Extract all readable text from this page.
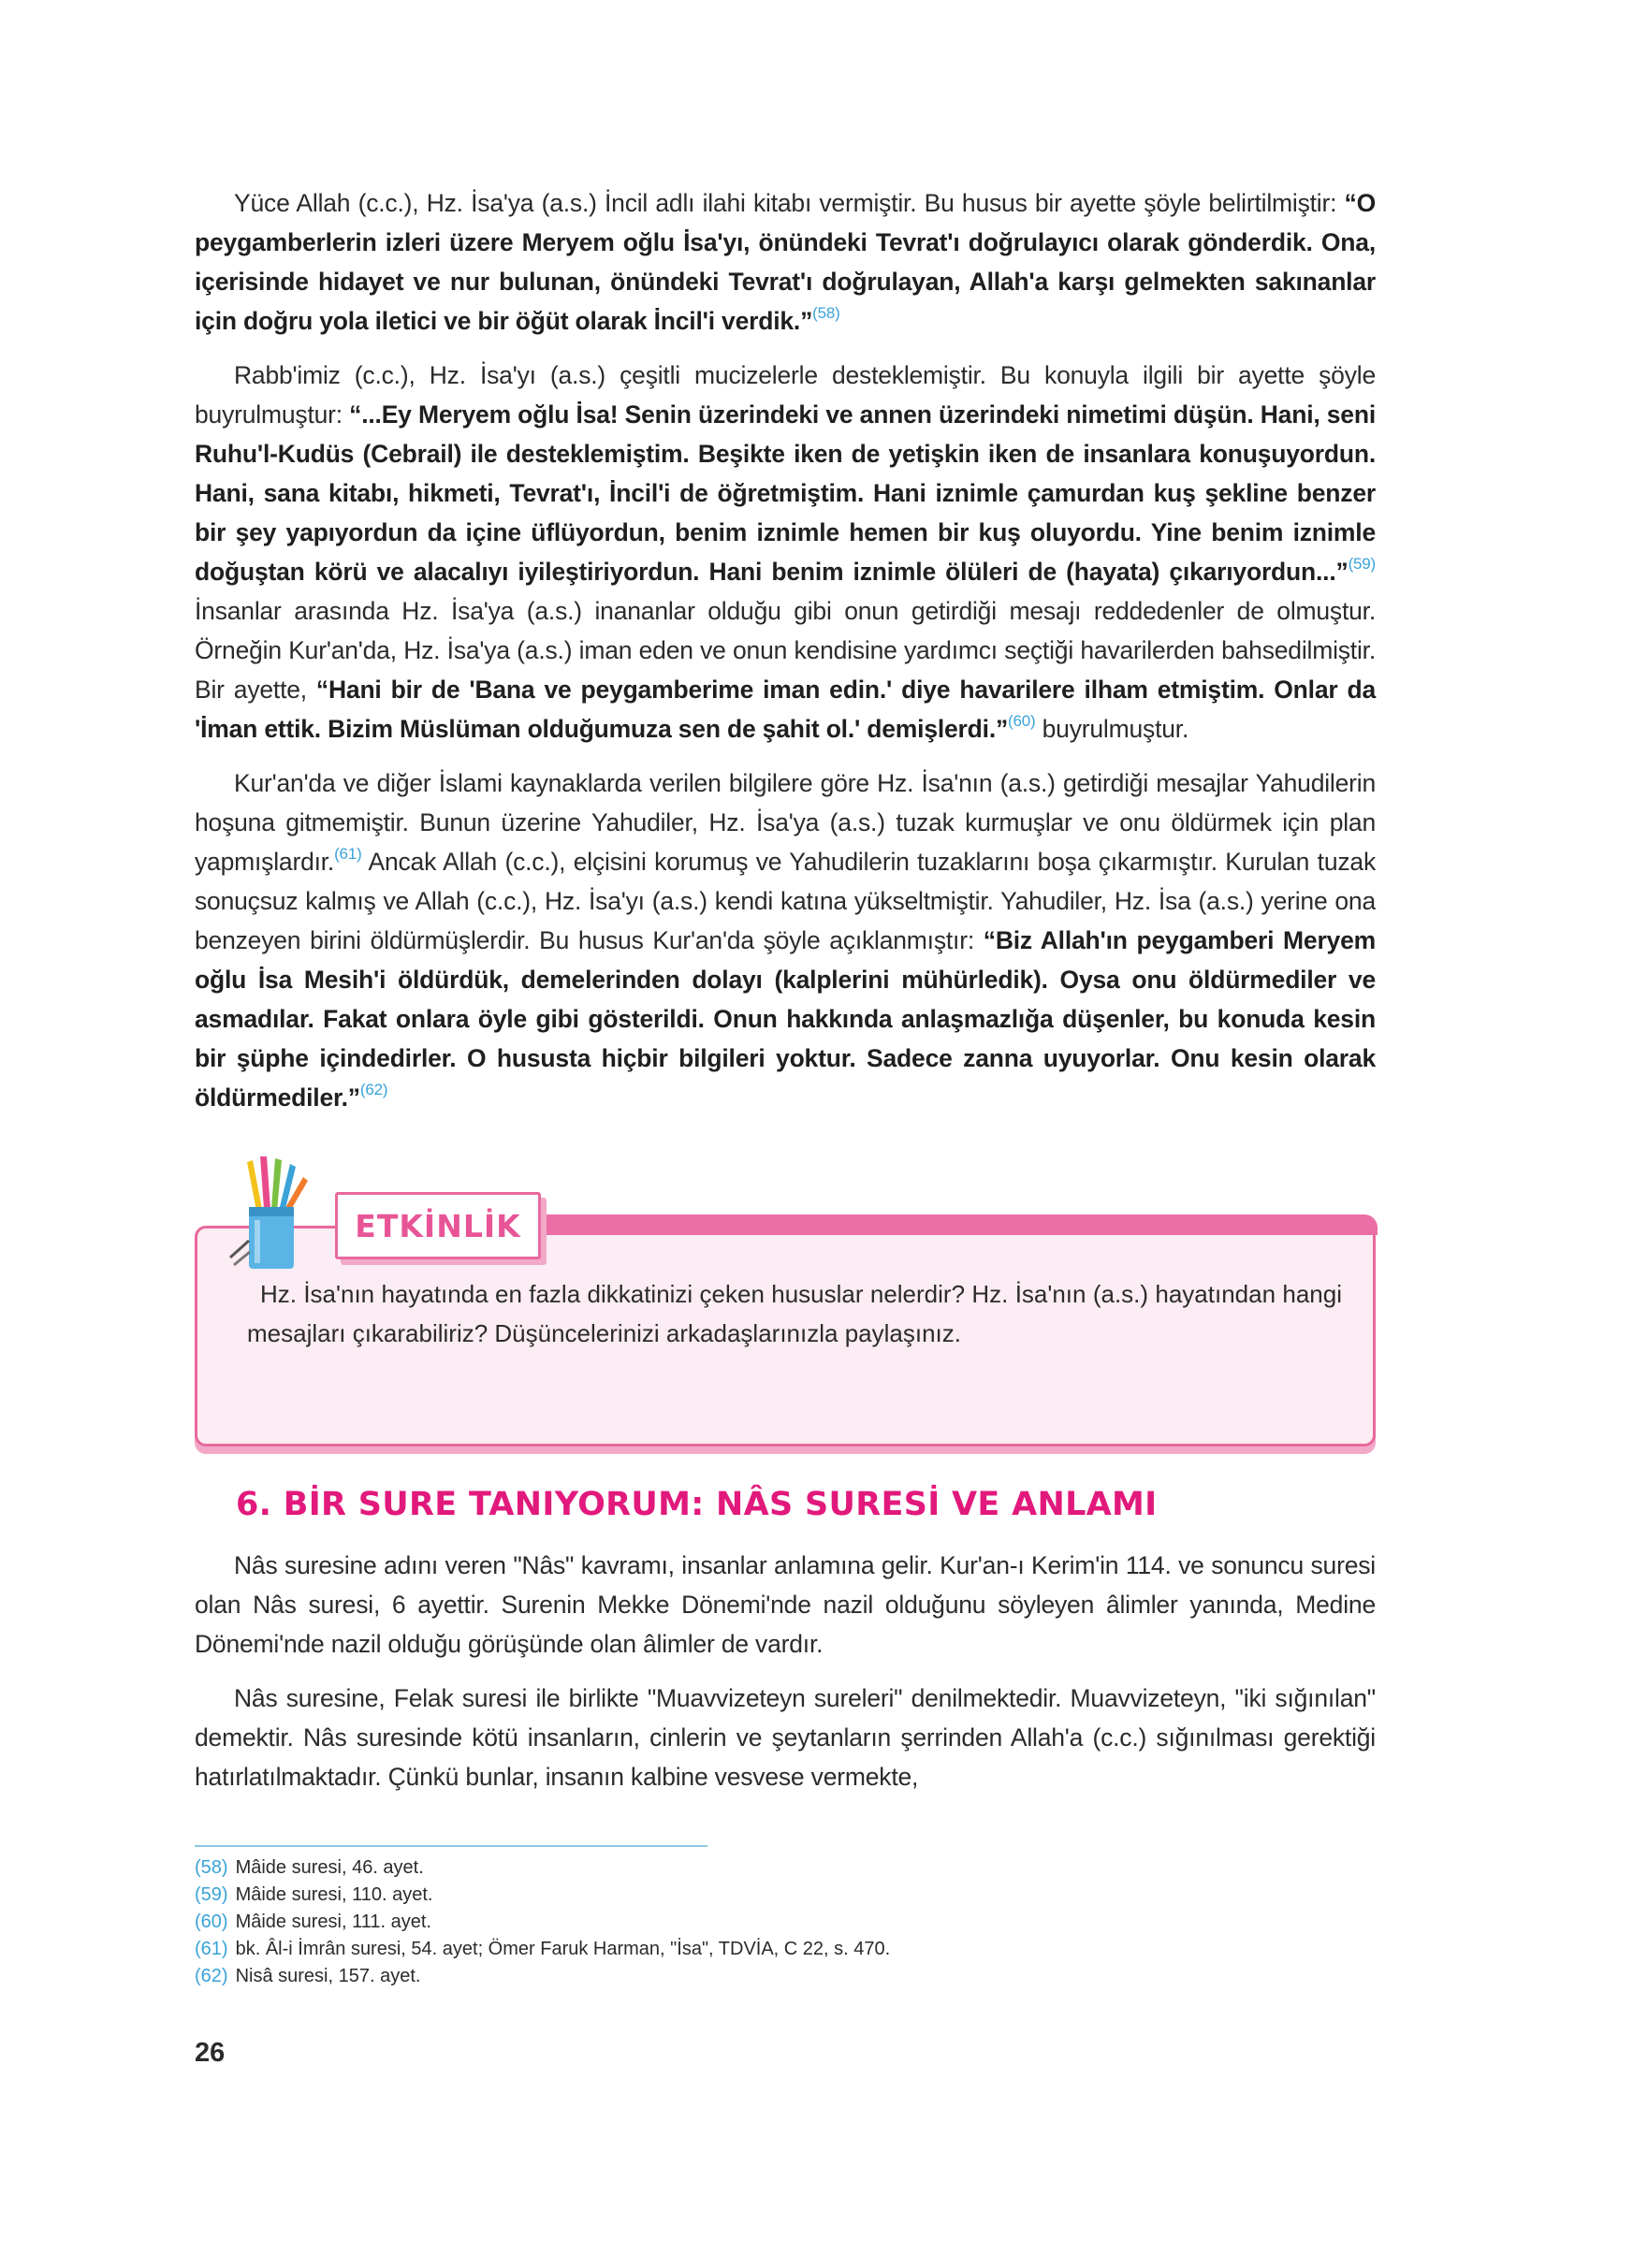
Yüce Allah (c.c.), Hz. İsa'ya (a.s.) İncil adlı ilahi kitabı vermiştir. Bu husus bir ayette şöyle belirtilmiştir: “O peygamberlerin izleri üzere Meryem oğlu İsa'yı, önündeki Tevrat'ı doğrulayıcı olarak gönderdik. Ona, içerisinde hidayet ve nur bulunan, önündeki Tevrat'ı doğrulayan, Allah'a karşı gelmekten sakınanlar için doğru yola iletici ve bir öğüt olarak İncil'i verdik.”$^{(58)}$

Rabb'imiz (c.c.), Hz. İsa'yı (a.s.) çeşitli mucizelerle desteklemiştir. Bu konuyla ilgili bir ayette şöyle buyrulmuştur: “...Ey Meryem oğlu İsa! Senin üzerindeki ve annen üzerindeki nimetimi düşün. Hani, seni Ruhu'l-Kudüs (Cebrail) ile desteklemiştim. Beşikte iken de yetişkin iken de insanlara konuşuyordun. Hani, sana kitabı, hikmeti, Tevrat'ı, İncil'i de öğretmiştim. Hani iznimle çamurdan kuş şekline benzer bir şey yapıyordun da içine üflüyordun, benim iznimle hemen bir kuş oluyordu. Yine benim iznimle doğuştan körü ve alacalıyı iyileştiriyordun. Hani benim iznimle ölüleri de (hayata) çıkarıyordun...”$^{(59)}$ İnsanlar arasında Hz. İsa'ya (a.s.) inananlar olduğu gibi onun getirdiği mesajı reddedenler de olmuştur. Örneğin Kur'an'da, Hz. İsa'ya (a.s.) iman eden ve onun kendisine yardımcı seçtiği havarilerden bahsedilmiştir. Bir ayette, “Hani bir de 'Bana ve peygamberime iman edin.' diye havarilere ilham etmiştim. Onlar da 'İman ettik. Bizim Müslüman olduğumuza sen de şahit ol.' demişlerdi.”$^{(60)}$ buyrulmuştur.

Kur'an'da ve diğer İslami kaynaklarda verilen bilgilere göre Hz. İsa'nın (a.s.) getirdiği mesajlar Yahudilerin hoşuna gitmemiştir. Bunun üzerine Yahudiler, Hz. İsa'ya (a.s.) tuzak kurmuşlar ve onu öldürmek için plan yapmışlardır.$^{(61)}$ Ancak Allah (c.c.), elçisini korumuş ve Yahudilerin tuzaklarını boşa çıkarmıştır. Kurulan tuzak sonuçsuz kalmış ve Allah (c.c.), Hz. İsa'yı (a.s.) kendi katına yükseltmiştir. Yahudiler, Hz. İsa (a.s.) yerine ona benzeyen birini öldürmüşlerdir. Bu husus Kur'an'da şöyle açıklanmıştır: “Biz Allah'ın peygamberi Meryem oğlu İsa Mesih'i öldürdük, demelerinden dolayı (kalplerini mühürledik). Oysa onu öldürmediler ve asmadılar. Fakat onlara öyle gibi gösterildi. Onun hakkında anlaşmazlığa düşenler, bu konuda kesin bir şüphe içindedirler. O hususta hiçbir bilgileri yoktur. Sadece zanna uyuyorlar. Onu kesin olarak öldürmediler.”$^{(62)}$

ETKİNLİK
Hz. İsa'nın hayatında en fazla dikkatinizi çeken hususlar nelerdir? Hz. İsa'nın (a.s.) hayatından hangi mesajları çıkarabiliriz? Düşüncelerinizi arkadaşlarınızla paylaşınız.
6. BİR SURE TANIYORUM: NÂS SURESİ VE ANLAMI

Nâs suresine adını veren "Nâs" kavramı, insanlar anlamına gelir. Kur'an-ı Kerim'in 114. ve sonuncu suresi olan Nâs suresi, 6 ayettir. Surenin Mekke Dönemi'nde nazil olduğunu söyleyen âlimler yanında, Medine Dönemi'nde nazil olduğu görüşünde olan âlimler de vardır.

Nâs suresine, Felak suresi ile birlikte "Muavvizeteyn sureleri" denilmektedir. Muavvizeteyn, "iki sığınılan" demektir. Nâs suresinde kötü insanların, cinlerin ve şeytanların şerrinden Allah'a (c.c.) sığınılması gerektiği hatırlatılmaktadır. Çünkü bunlar, insanın kalbine vesvese vermekte,

(58) Mâide suresi, 46. ayet.
(59) Mâide suresi, 110. ayet.
(60) Mâide suresi, 111. ayet.
(61) bk. Âl-i İmrân suresi, 54. ayet; Ömer Faruk Harman, "İsa", TDVİA, C 22, s. 470.
(62) Nisâ suresi, 157. ayet.
26
